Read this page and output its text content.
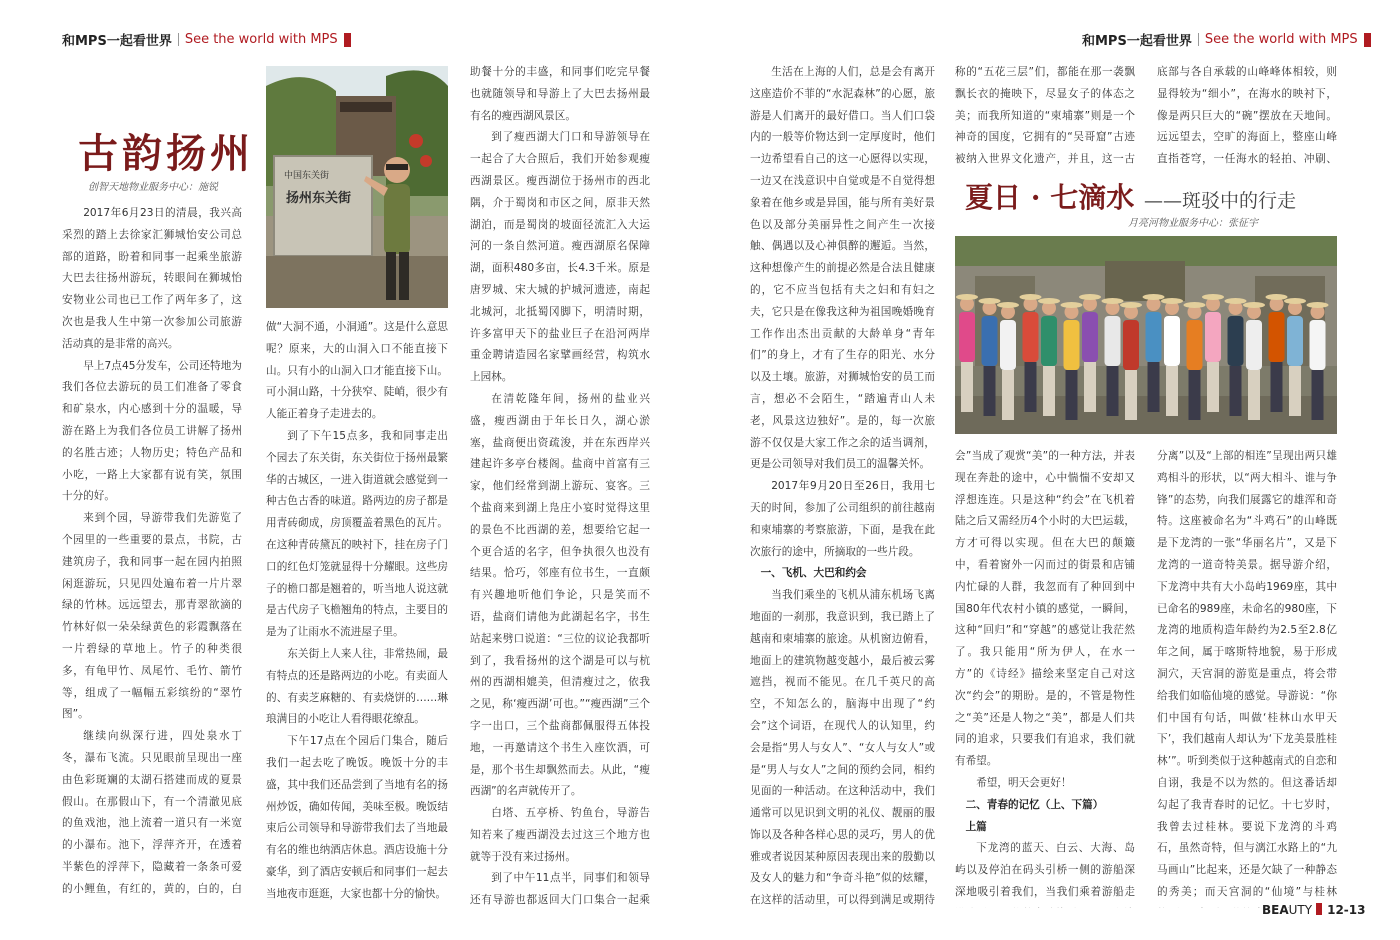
和MPS一起看世界 See the world with MPS	和MPS一起看世界 See the world with MPS
古韵扬州
创智天地物业服务中心：施锐
中国东关街
扬州东关街

2017年6月23日的清晨，我兴高采烈的踏上去徐家汇狮城怡安公司总部的道路，盼着和同事一起乘坐旅游大巴去往扬州游玩，转眼间在狮城怡安物业公司也已工作了两年多了，这次也是我人生中第一次参加公司旅游活动真的是非常的高兴。

早上7点45分发车，公司还特地为我们各位去游玩的员工们准备了零食和矿泉水，内心感到十分的温暖，导游在路上为我们各位员工讲解了扬州的名胜古迹；人物历史；特色产品和小吃，一路上大家都有说有笑，氛围十分的好。

来到个园，导游带我们先游览了个园里的一些重要的景点，书院，古建筑房子，我和同事一起在园内拍照闲逛游玩，只见四处遍布着一片片翠绿的竹林。远远望去，那青翠欲滴的竹林好似一朵朵绿黄色的彩霞飘落在一片碧绿的草地上。竹子的种类很多，有龟甲竹、凤尾竹、毛竹、箭竹等，组成了一幅幅五彩缤纷的“翠竹图”。

继续向纵深行进，四处泉水丁冬，瀑布飞流。只见眼前呈现出一座由色彩斑斓的太湖石搭建而成的夏景假山。在那假山下，有一个清澈见底的鱼戏池，池上流着一道只有一米宽的小瀑布。池下，浮萍齐开，在透着半紫色的浮萍下，隐藏着一条条可爱的小鲤鱼，有红的，黄的，白的，白

做“大洞不通，小洞通”。这是什么意思呢？原来，大的山洞入口不能直接下山。只有小的山洞入口才能直接下山。可小洞山路，十分狭窄、陡峭，很少有人能正着身子走进去的。

到了下午15点多，我和同事走出个园去了东关街，东关街位于扬州最繁华的古城区，一进入街道就会感觉到一种古色古香的味道。路两边的房子都是用青砖砌成，房顶覆盖着黑色的瓦片。在这种青砖黛瓦的映衬下，挂在房子门口的红色灯笼就显得十分耀眼。这些房子的檐口都是翘着的，听当地人说这就是古代房子飞檐翘角的特点，主要目的是为了让雨水不流进屋子里。

东关街上人来人往，非常热闹，最有特点的还是路两边的小吃。有卖面人的、有卖芝麻糖的、有卖烧饼的……琳琅满目的小吃让人看得眼花缭乱。

下午17点在个园后门集合，随后我们一起去吃了晚饭。晚饭十分的丰盛，其中我们还品尝到了当地有名的扬州炒饭，确如传闻，美味至极。晚饭结束后公司领导和导游带我们去了当地最有名的维也纳酒店休息。酒店设施十分豪华，到了酒店安顿后和同事们一起去当地夜市逛逛，大家也都十分的愉快。

助餐十分的丰盛，和同事们吃完早餐也就随领导和导游上了大巴去扬州最有名的瘦西湖风景区。

到了瘦西湖大门口和导游领导在一起合了大合照后，我们开始参观瘦西湖景区。瘦西湖位于扬州市的西北隅，介于蜀岗和市区之间，原非天然湖泊，而是蜀岗的坡面径流汇入大运河的一条自然河道。瘦西湖原名保障湖，面积480多亩，长4.3千米。原是唐罗城、宋大城的护城河遗迹，南起北城河，北抵蜀冈脚下，明清时期，许多富甲天下的盐业巨子在沿河两岸重金聘请造园名家擘画经营，构筑水上园林。

在清乾隆年间，扬州的盐业兴盛，瘦西湖由于年长日久，湖心淤塞，盐商便出资疏浚，并在东西岸兴建起许多亭台楼阁。盐商中首富有三家，他们经常到湖上游玩、宴客。三个盐商来到湖上凫庄小宴时觉得这里的景色不比西湖的差，想要给它起一个更合适的名字，但争执很久也没有结果。恰巧，邻座有位书生，一直颇有兴趣地听他们争论，只是笑而不语，盐商们请他为此湖起名字，书生站起来劈口说道：“三位的议论我都听到了，我看扬州的这个湖是可以与杭州的西湖相媲美，但清瘦过之，依我之见，称‘瘦西湖’可也。”“瘦西湖”三个字一出口，三个盐商都佩服得五体投地，一再邀请这个书生入座饮酒，可是，那个书生却飘然而去。从此，“瘦西湖”的名声就传开了。

白塔、五亭桥、钓鱼台，导游告知若来了瘦西湖没去过这三个地方也就等于没有来过扬州。

到了中午11点半，同事们和领导还有导游也都返回大门口集合一起乘

生活在上海的人们，总是会有离开这座造价不菲的“水泥森林”的心愿，旅游是人们离开的最好借口。当人们口袋内的一般等价物达到一定厚度时，他们一边希望看自己的这一心愿得以实现，一边又在浅意识中自觉或是不自觉得想象着在他乡或是异国，能与所有美好景色以及部分美丽异性之间产生一次接触、偶遇以及心神俱醉的邂逅。当然，这种想像产生的前提必然是合法且健康的，它不应当包括有夫之妇和有妇之夫，它只是在像我这种为祖国晚婚晚育工作作出杰出贡献的大龄单身“青年们”的身上，才有了生存的阳光、水分以及土壤。旅游，对狮城怡安的员工而言，想必不会陌生，“踏遍青山人未老，风景这边独好”。是的，每一次旅游不仅仅是大家工作之余的适当调剂，更是公司领导对我们员工的温馨关怀。

2017年9月20日至26日，我用七天的时间，参加了公司组织的前往越南和柬埔寨的考察旅游，下面，是我在此次旅行的途中，所摘取的一些片段。

一、飞机、大巴和约会

当我们乘坐的飞机从浦东机场飞离地面的一刹那，我意识到，我已踏上了越南和柬埔寨的旅途。从机窗边俯看，地面上的建筑物越变越小，最后被云雾遮挡，视而不能见。在几千英尺的高空，不知怎么的，脑海中出现了“约会”这个词语，在现代人的认知里，约会是指“男人与女人”、“女人与女人”或是“男人与女人”之间的预约会同，相约见面的一种活动。在这种活动中，我们通常可以见识到文明的礼仪、靓丽的服饰以及各种各样心思的灵巧，男人的优雅或者说因某种原因表现出来的殷勤以及女人的魅力和“争奇斗艳”似的炫耀，在这样的活动里，可以得到满足或期待

称的“五花三层”们，都能在那一袭飘飘长衣的掩映下，尽显女子的体态之美；而我所知道的“柬埔寨”则是一个神奇的国度，它拥有的“吴哥窟”古迹被纳入世界文化遗产，并且，这一古

底部与各自承载的山峰峰体相较，则显得较为“细小”，在海水的映衬下，像是两只巨大的“碗”摆放在天地间。远远望去，空旷的海面上，整座山峰直指苍穹，一任海水的轻拍、冲刷、

夏日 · 七滴水 ——斑驳中的行走
月亮河物业服务中心：张征宇

会”当成了观赏“美”的一种方法，并表现在奔赴的途中，心中惴惴不安却又浮想连连。只是这种“约会”在飞机着陆之后又需经历4个小时的大巴运载，方才可得以实现。但在大巴的颠簸中，看着窗外一闪而过的街景和店铺内忙碌的人群，我忽而有了种回到中国80年代农村小镇的感觉，一瞬间，这种“回归”和“穿越”的感觉让我茫然了。我只能用“所为伊人，在水一方”的《诗经》描绘来坚定自己对这次“约会”的期盼。是的，不管是物性之“美”还是人物之“美”，都是人们共同的追求，只要我们有追求，我们就有希望。

希望，明天会更好！

二、青春的记忆（上、下篇）
上篇

下龙湾的蓝天、白云、大海、岛屿以及停泊在码头引桥一侧的游船深深地吸引着我们，当我们乘着游船走

分离”以及“上部的相连”呈现出两只雄鸡相斗的形状，以“两大相斗、谁与争锋”的态势，向我们展露它的雄浑和奇特。这座被命名为“斗鸡石”的山峰既是下龙湾的一张“华丽名片”，又是下龙湾的一道奇特美景。据导游介绍，下龙湾中共有大小岛屿1969座，其中已命名的989座，未命名的980座，下龙湾的地质构造年龄约为2.5至2.8亿年之间，属于喀斯特地貌，易于形成洞穴，天宫洞的游览是重点，将会带给我们如临仙境的感觉。导游说：“你们中国有句话，叫做‘桂林山水甲天下’，我们越南人却认为‘下龙美景胜桂林’”。听到类似于这种越南式的自恋和自诩，我是不以为然的。但这番话却勾起了我青春时的记忆。十七岁时，我曾去过桂林。要说下龙湾的斗鸡石，虽然奇特，但与漓江水路上的“九马画山”比起来，还是欠缺了一种静态的秀美；而天宫洞的“仙境”与桂林

BEAUTY 12-13
